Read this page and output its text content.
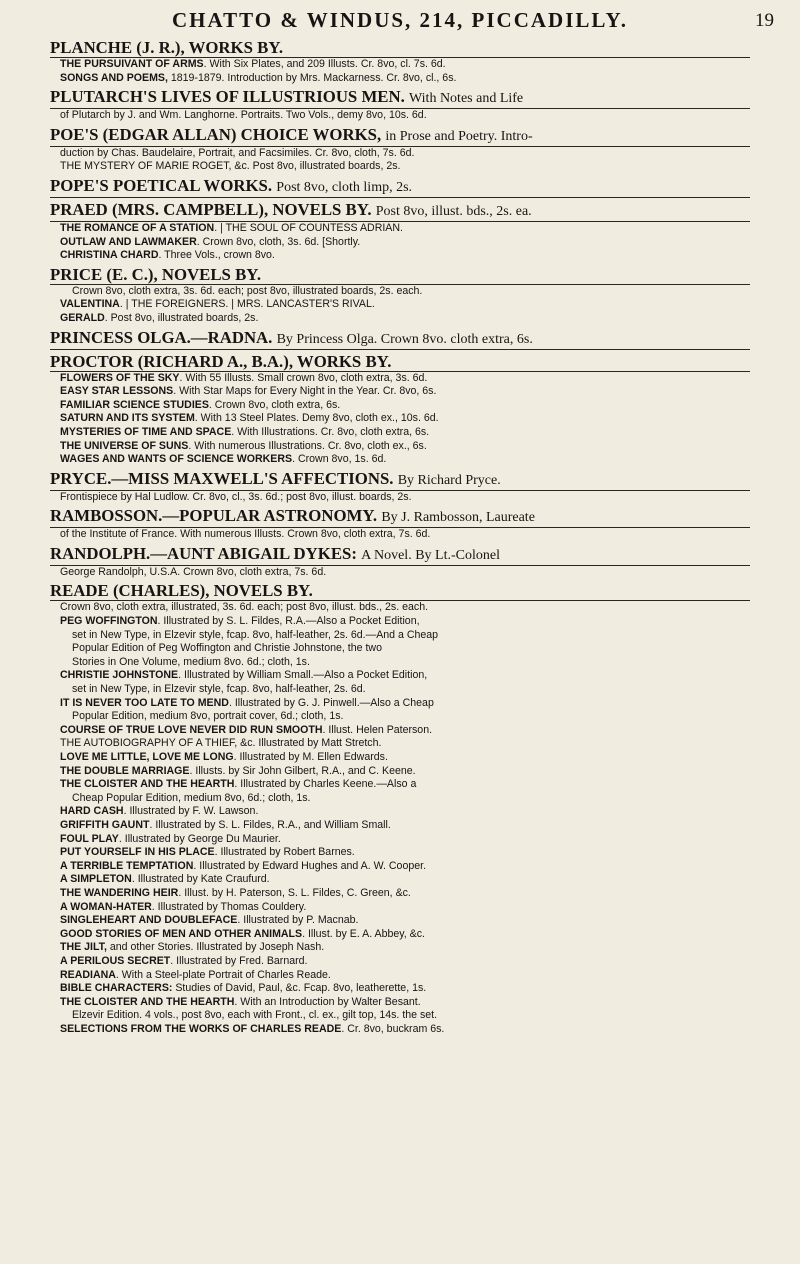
CHATTO & WINDUS, 214, PICCADILLY.	19
PLANCHE (J. R.), WORKS BY.
THE PURSUIVANT OF ARMS. With Six Plates, and 209 Illusts. Cr. 8vo, cl. 7s. 6d.
SONGS AND POEMS, 1819-1879. Introduction by Mrs. Mackarness. Cr. 8vo, cl., 6s.
PLUTARCH'S LIVES OF ILLUSTRIOUS MEN. With Notes and Life
of Plutarch by J. and Wm. Langhorne. Portraits. Two Vols., demy 8vo, 10s. 6d.
POE'S (EDGAR ALLAN) CHOICE WORKS, in Prose and Poetry. Intro-
duction by Chas. Baudelaire, Portrait, and Facsimiles. Cr. 8vo, cloth, 7s. 6d.
THE MYSTERY OF MARIE ROGET, &c. Post 8vo, illustrated boards, 2s.
POPE'S POETICAL WORKS. Post 8vo, cloth limp, 2s.
PRAED (MRS. CAMPBELL), NOVELS BY. Post 8vo, illust. bds., 2s. ea.
THE ROMANCE OF A STATION. | THE SOUL OF COUNTESS ADRIAN.
OUTLAW AND LAWMAKER. Crown 8vo, cloth, 3s. 6d. [Shortly.
CHRISTINA CHARD. Three Vols., crown 8vo.
PRICE (E. C.), NOVELS BY.
Crown 8vo, cloth extra, 3s. 6d. each; post 8vo, illustrated boards, 2s. each.
VALENTINA. | THE FOREIGNERS. | MRS. LANCASTER'S RIVAL.
GERALD. Post 8vo, illustrated boards, 2s.
PRINCESS OLGA.—RADNA. By Princess Olga. Crown 8vo. cloth extra, 6s.
PROCTOR (RICHARD A., B.A.), WORKS BY.
FLOWERS OF THE SKY. With 55 Illusts. Small crown 8vo, cloth extra, 3s. 6d.
EASY STAR LESSONS. With Star Maps for Every Night in the Year. Cr. 8vo, 6s.
FAMILIAR SCIENCE STUDIES. Crown 8vo, cloth extra, 6s.
SATURN AND ITS SYSTEM. With 13 Steel Plates. Demy 8vo, cloth ex., 10s. 6d.
MYSTERIES OF TIME AND SPACE. With Illustrations. Cr. 8vo, cloth extra, 6s.
THE UNIVERSE OF SUNS. With numerous Illustrations. Cr. 8vo, cloth ex., 6s.
WAGES AND WANTS OF SCIENCE WORKERS. Crown 8vo, 1s. 6d.
PRYCE.—MISS MAXWELL'S AFFECTIONS. By Richard Pryce.
Frontispiece by Hal Ludlow. Cr. 8vo, cl., 3s. 6d.; post 8vo, illust. boards, 2s.
RAMBOSSON.—POPULAR ASTRONOMY. By J. Rambosson, Laureate
of the Institute of France. With numerous Illusts. Crown 8vo, cloth extra, 7s. 6d.
RANDOLPH.—AUNT ABIGAIL DYKES: A Novel. By Lt.-Colonel
George Randolph, U.S.A. Crown 8vo, cloth extra, 7s. 6d.
READE (CHARLES), NOVELS BY.
Crown 8vo, cloth extra, illustrated, 3s. 6d. each; post 8vo, illust. bds., 2s. each.
PEG WOFFINGTON. Illustrated by S. L. Fildes, R.A.—Also a Pocket Edition,
set in New Type, in Elzevir style, fcap. 8vo, half-leather, 2s. 6d.—And a Cheap
Popular Edition of Peg Woffington and Christie Johnstone, the two
Stories in One Volume, medium 8vo. 6d.; cloth, 1s.
CHRISTIE JOHNSTONE. Illustrated by William Small.—Also a Pocket Edition,
set in New Type, in Elzevir style, fcap. 8vo, half-leather, 2s. 6d.
IT IS NEVER TOO LATE TO MEND. Illustrated by G. J. Pinwell.—Also a Cheap
Popular Edition, medium 8vo, portrait cover, 6d.; cloth, 1s.
COURSE OF TRUE LOVE NEVER DID RUN SMOOTH. Illust. Helen Paterson.
THE AUTOBIOGRAPHY OF A THIEF, &c. Illustrated by Matt Stretch.
LOVE ME LITTLE, LOVE ME LONG. Illustrated by M. Ellen Edwards.
THE DOUBLE MARRIAGE. Illusts. by Sir John Gilbert, R.A., and C. Keene.
THE CLOISTER AND THE HEARTH. Illustrated by Charles Keene.—Also a
Cheap Popular Edition, medium 8vo, 6d.; cloth, 1s.
HARD CASH. Illustrated by F. W. Lawson.
GRIFFITH GAUNT. Illustrated by S. L. Fildes, R.A., and William Small.
FOUL PLAY. Illustrated by George Du Maurier.
PUT YOURSELF IN HIS PLACE. Illustrated by Robert Barnes.
A TERRIBLE TEMPTATION. Illustrated by Edward Hughes and A. W. Cooper.
A SIMPLETON. Illustrated by Kate Craufurd.
THE WANDERING HEIR. Illust. by H. Paterson, S. L. Fildes, C. Green, &c.
A WOMAN-HATER. Illustrated by Thomas Couldery.
SINGLEHEART AND DOUBLEFACE. Illustrated by P. Macnab.
GOOD STORIES OF MEN AND OTHER ANIMALS. Illust. by E. A. Abbey, &c.
THE JILT, and other Stories. Illustrated by Joseph Nash.
A PERILOUS SECRET. Illustrated by Fred. Barnard.
READIANA. With a Steel-plate Portrait of Charles Reade.
BIBLE CHARACTERS: Studies of David, Paul, &c. Fcap. 8vo, leatherette, 1s.
THE CLOISTER AND THE HEARTH. With an Introduction by Walter Besant.
Elzevir Edition. 4 vols., post 8vo, each with Front., cl. ex., gilt top, 14s. the set.
SELECTIONS FROM THE WORKS OF CHARLES READE. Cr. 8vo, buckram 6s.
